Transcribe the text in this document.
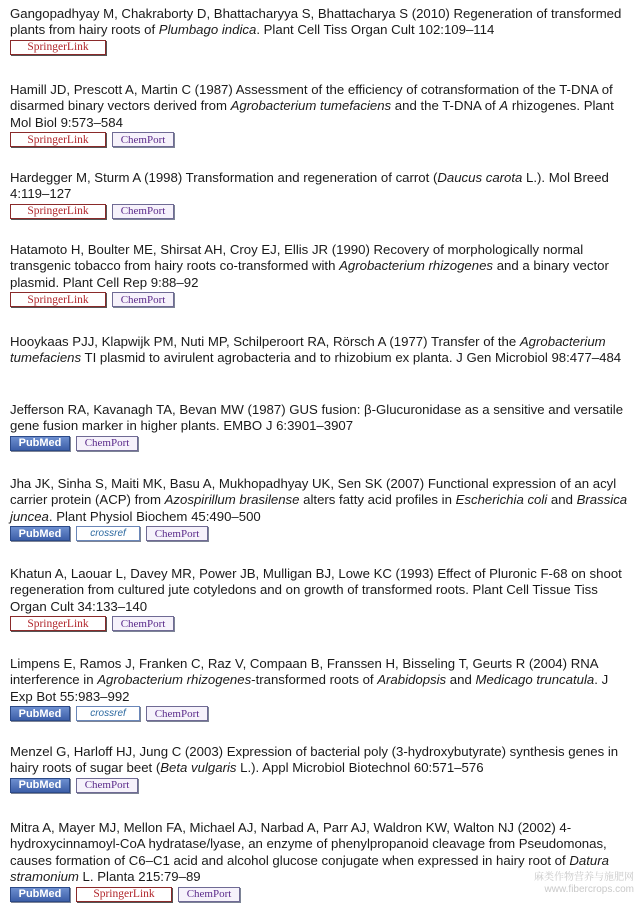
Gangopadhyay M, Chakraborty D, Bhattacharyya S, Bhattacharya S (2010) Regeneration of transformed plants from hairy roots of Plumbago indica. Plant Cell Tiss Organ Cult 102:109–114

SpringerLink

Hamill JD, Prescott A, Martin C (1987) Assessment of the efficiency of cotransformation of the T-DNA of disarmed binary vectors derived from Agrobacterium tumefaciens and the T-DNA of A rhizogenes. Plant Mol Biol 9:573–584

SpringerLink	ChemPort

Hardegger M, Sturm A (1998) Transformation and regeneration of carrot (Daucus carota L.). Mol Breed 4:119–127

SpringerLink	ChemPort

Hatamoto H, Boulter ME, Shirsat AH, Croy EJ, Ellis JR (1990) Recovery of morphologically normal transgenic tobacco from hairy roots co-transformed with Agrobacterium rhizogenes and a binary vector plasmid. Plant Cell Rep 9:88–92

SpringerLink	ChemPort

Hooykaas PJJ, Klapwijk PM, Nuti MP, Schilperoort RA, Rörsch A (1977) Transfer of the Agrobacterium tumefaciens TI plasmid to avirulent agrobacteria and to rhizobium ex planta. J Gen Microbiol 98:477–484

Jefferson RA, Kavanagh TA, Bevan MW (1987) GUS fusion: β-Glucuronidase as a sensitive and versatile gene fusion marker in higher plants. EMBO J 6:3901–3907

PubMed	ChemPort

Jha JK, Sinha S, Maiti MK, Basu A, Mukhopadhyay UK, Sen SK (2007) Functional expression of an acyl carrier protein (ACP) from Azospirillum brasilense alters fatty acid profiles in Escherichia coli and Brassica juncea. Plant Physiol Biochem 45:490–500

PubMed	crossref	ChemPort

Khatun A, Laouar L, Davey MR, Power JB, Mulligan BJ, Lowe KC (1993) Effect of Pluronic F-68 on shoot regeneration from cultured jute cotyledons and on growth of transformed roots. Plant Cell Tissue Tiss Organ Cult 34:133–140

SpringerLink	ChemPort

Limpens E, Ramos J, Franken C, Raz V, Compaan B, Franssen H, Bisseling T, Geurts R (2004) RNA interference in Agrobacterium rhizogenes-transformed roots of Arabidopsis and Medicago truncatula. J Exp Bot 55:983–992

PubMed	crossref	ChemPort

Menzel G, Harloff HJ, Jung C (2003) Expression of bacterial poly (3-hydroxybutyrate) synthesis genes in hairy roots of sugar beet (Beta vulgaris L.). Appl Microbiol Biotechnol 60:571–576

PubMed	ChemPort

Mitra A, Mayer MJ, Mellon FA, Michael AJ, Narbad A, Parr AJ, Waldron KW, Walton NJ (2002) 4-hydroxycinnamoyl-CoA hydratase/lyase, an enzyme of phenylpropanoid cleavage from Pseudomonas, causes formation of C6–C1 acid and alcohol glucose conjugate when expressed in hairy root of Datura stramonium L. Planta 215:79–89

PubMed	SpringerLink	ChemPort
麻类作物营养与施肥网
www.fibercrops.com
